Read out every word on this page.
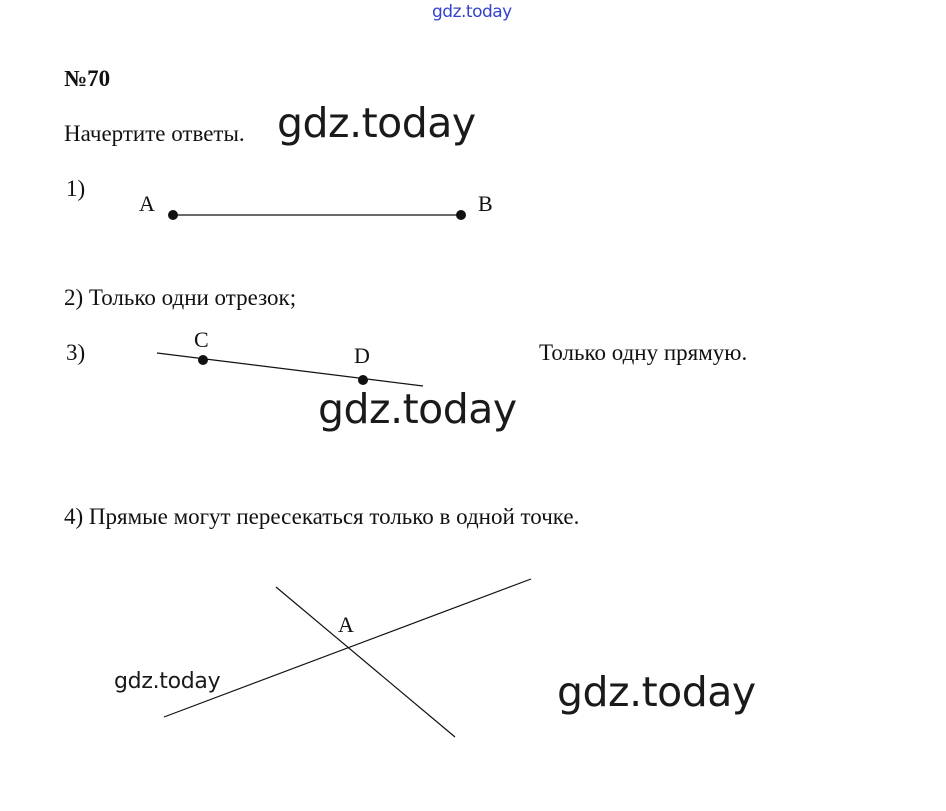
gdz.today
№70
Начертите ответы. gdz.today
1)
A	B
2) Только одни отрезок;
3)
C
D	Только одну прямую.
gdz.today
4) Прямые могут пересекаться только в одной точке.
A
gdz.today	gdz.today
